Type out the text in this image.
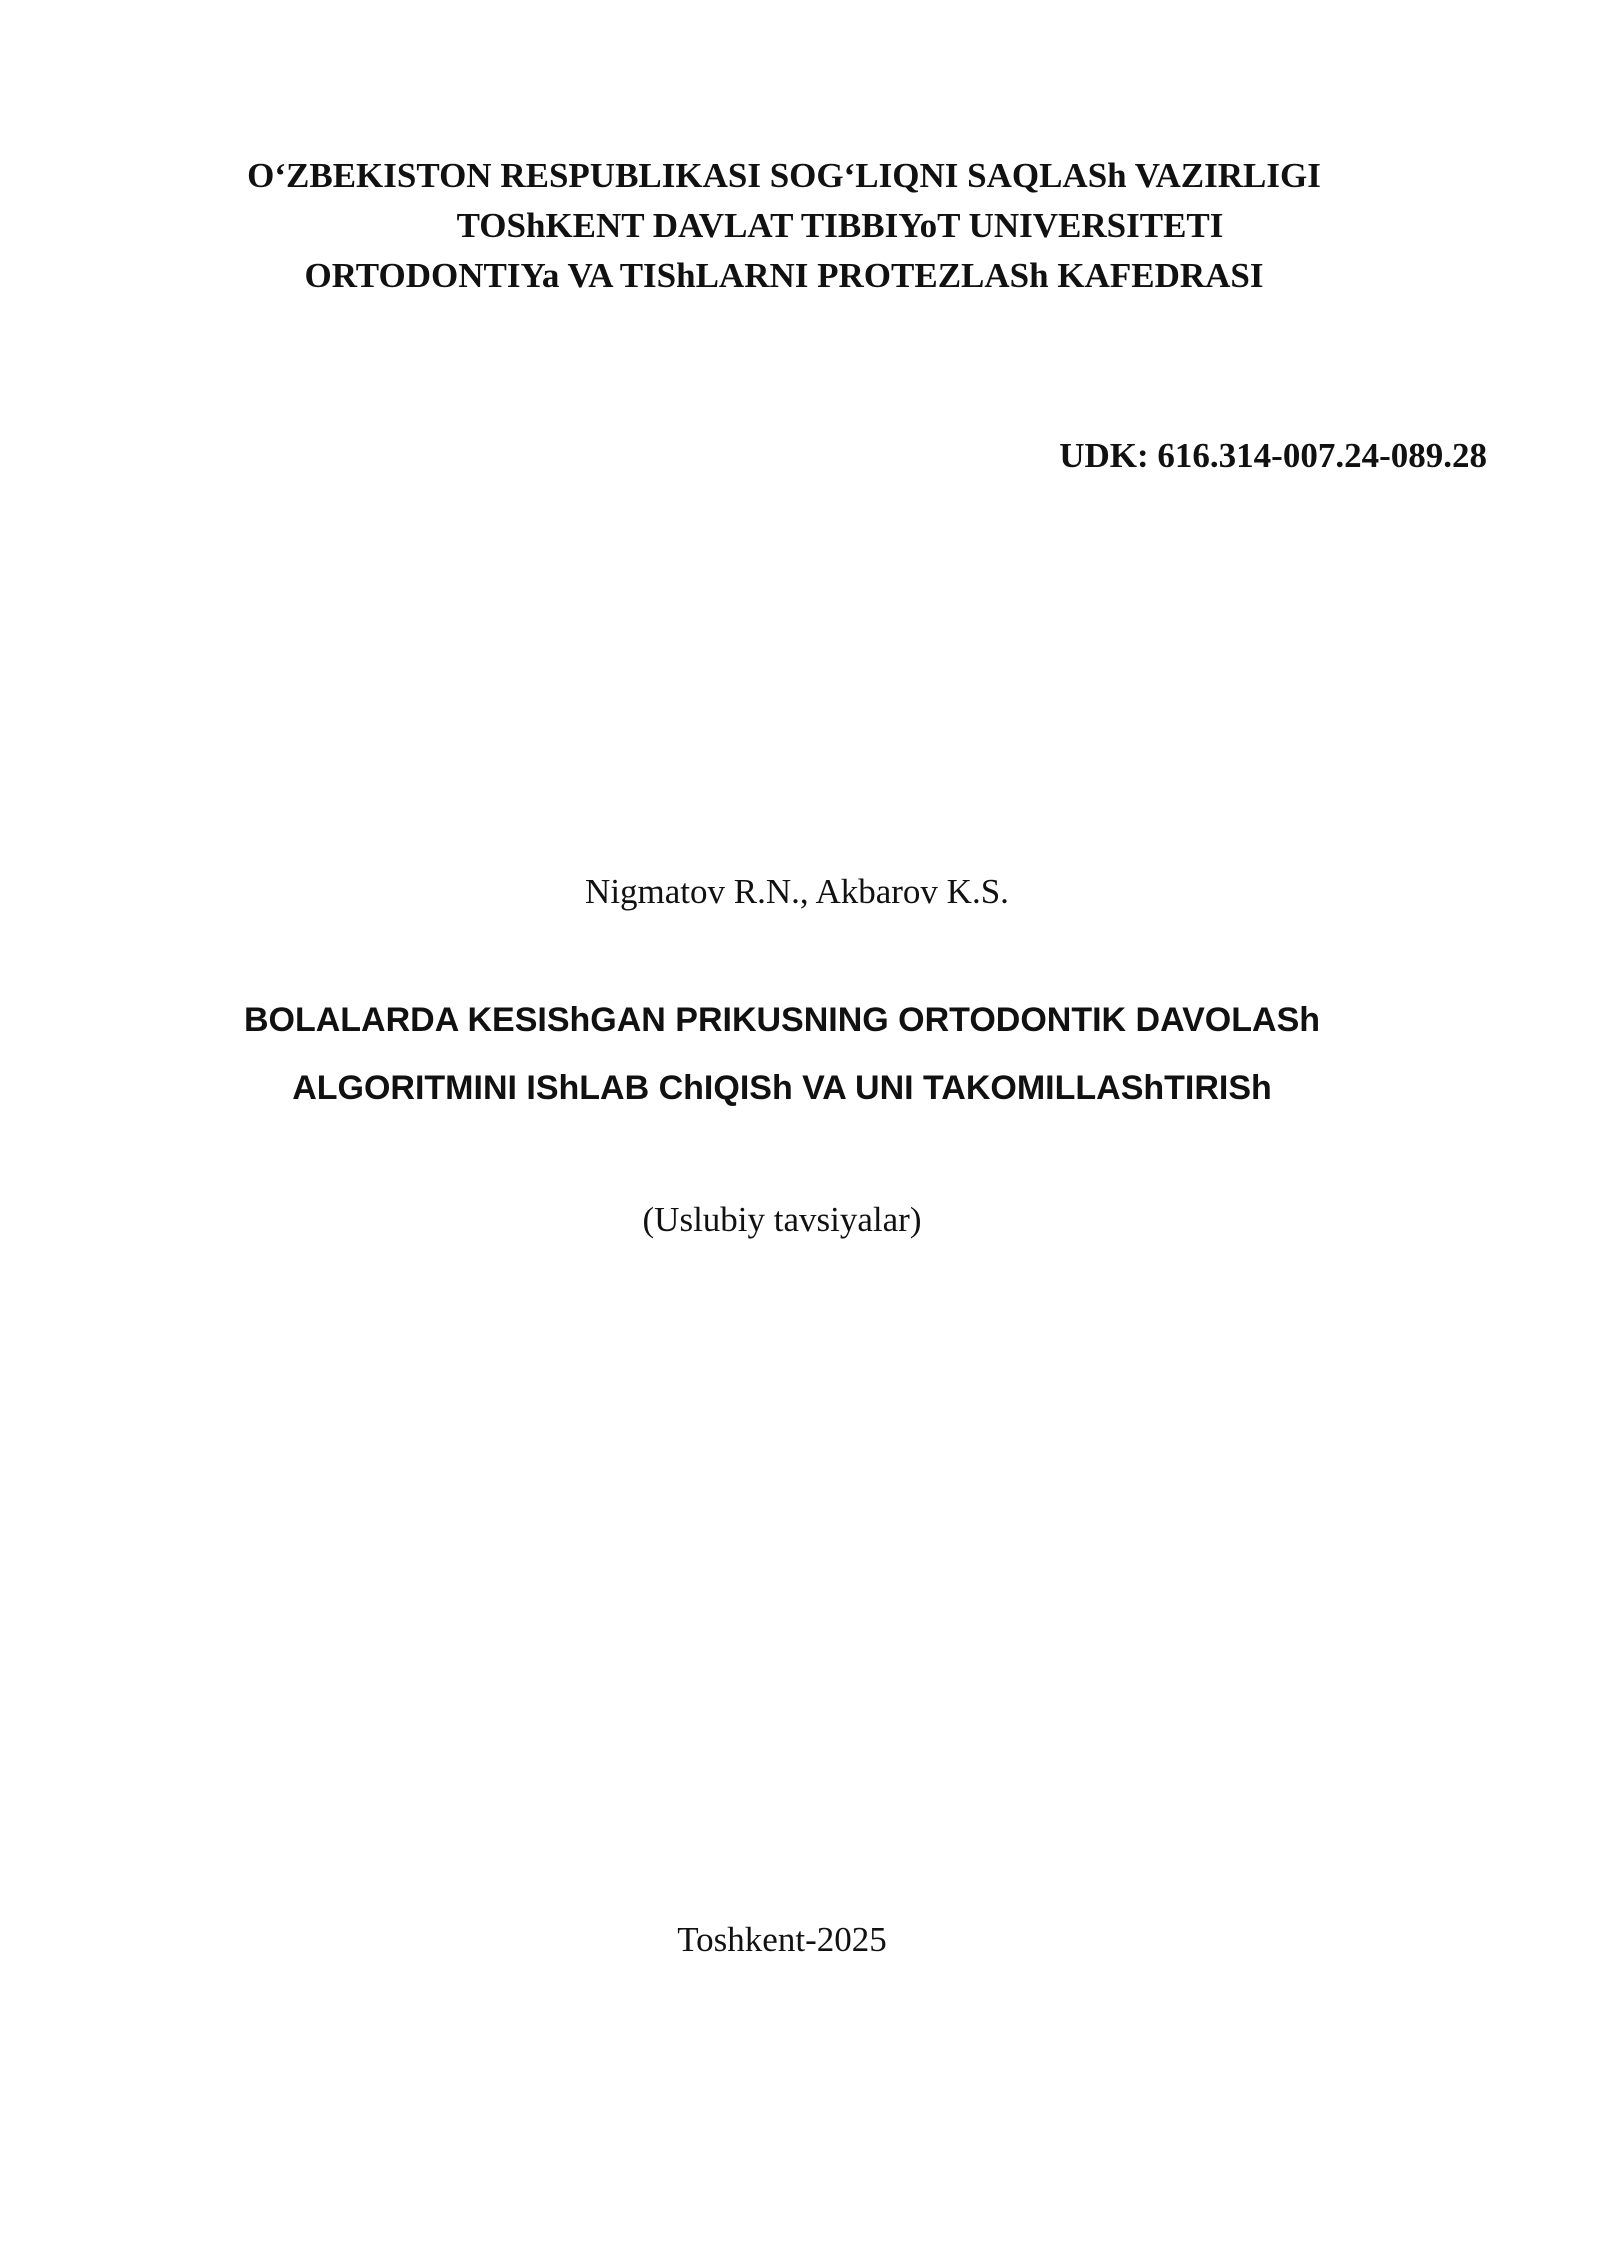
O‘ZBEKISTON RESPUBLIKASI SOG‘LIQNI SAQLASh VAZIRLIGI

TOShKENT DAVLAT TIBBIYoT UNIVERSITETI

ORTODONTIYa VA TIShLARNI PROTEZLASh KAFEDRASI

UDK: 616.314-007.24-089.28

Nigmatov R.N., Akbarov K.S.

BOLALARDA KESIShGAN PRIKUSNING ORTODONTIK DAVOLASh

ALGORITMINI IShLAB ChIQISh VA UNI TAKOMILLAShTIRISh

(Uslubiy tavsiyalar)

Toshkent-2025
